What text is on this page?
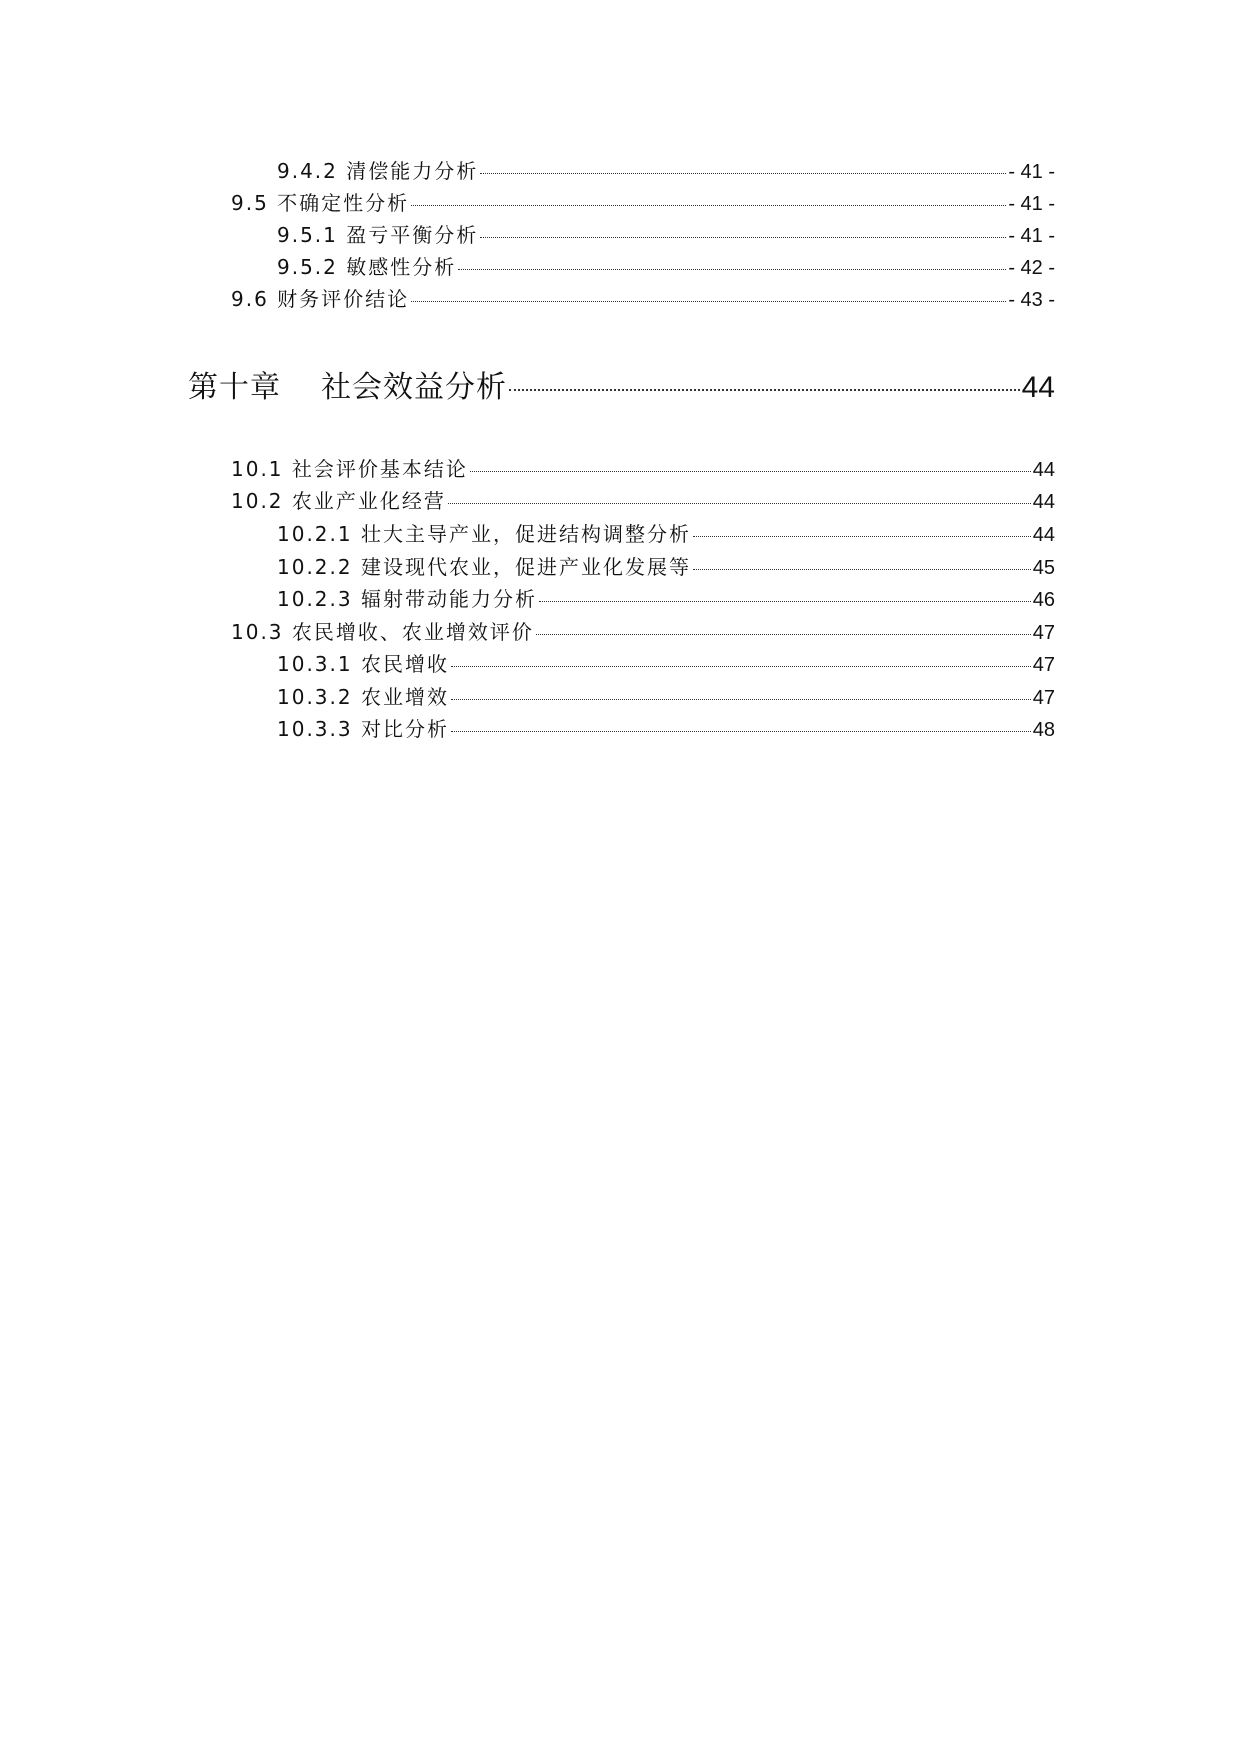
9.4.2 清偿能力分析	- 41 -
9.5 不确定性分析	- 41 -
9.5.1 盈亏平衡分析	- 41 -
9.5.2 敏感性分析	- 42 -
9.6 财务评价结论	- 43 -
第十章 社会效益分析	44
10.1 社会评价基本结论	44
10.2 农业产业化经营	44
10.2.1 壮大主导产业，促进结构调整分析	44
10.2.2 建设现代农业，促进产业化发展等	45
10.2.3 辐射带动能力分析	46
10.3 农民增收、农业增效评价	47
10.3.1 农民增收	47
10.3.2 农业增效	47
10.3.3 对比分析	48
